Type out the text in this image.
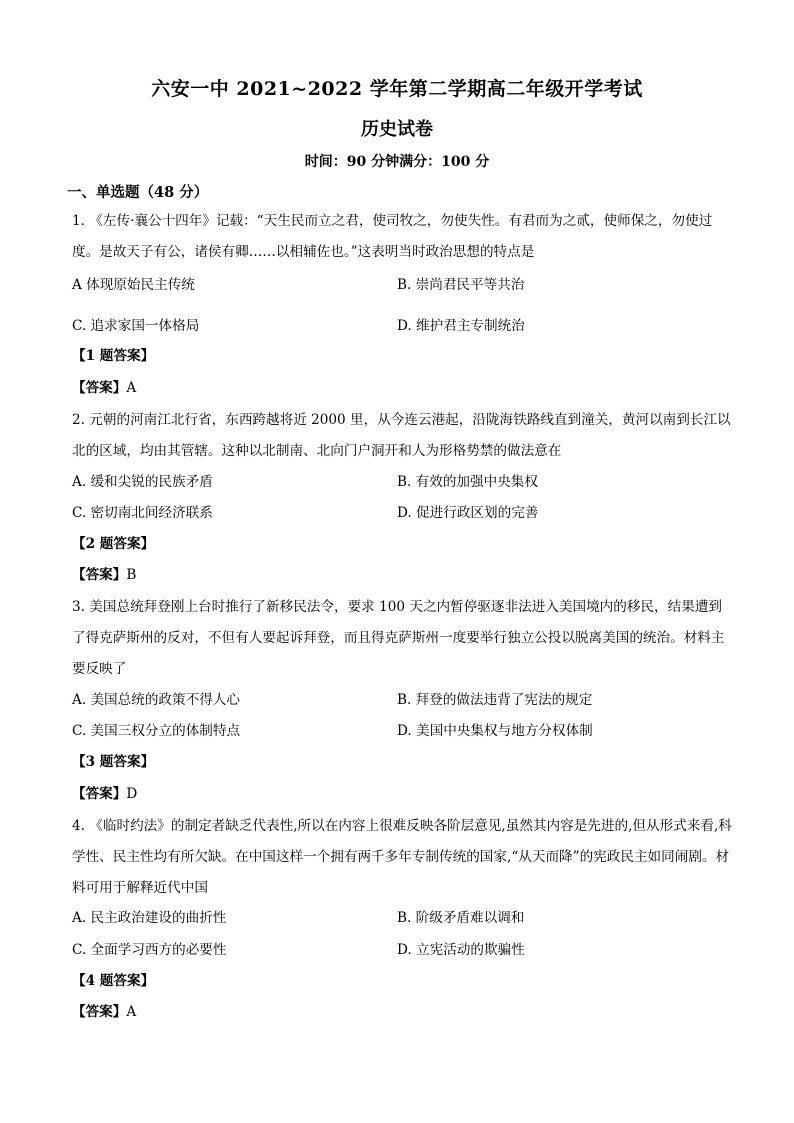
六安一中 2021~2022 学年第二学期高二年级开学考试
历史试卷
时间：90 分钟满分：100 分
一、单选题（48 分）
1. 《左传·襄公十四年》记载：“天生民而立之君，使司牧之，勿使失性。有君而为之贰，使师保之，勿使过度。是故天子有公，诸侯有卿……以相辅佐也。”这表明当时政治思想的特点是
A 体现原始民主传统	B. 崇尚君民平等共治
C. 追求家国一体格局	D. 维护君主专制统治
【1 题答案】
【答案】A
2. 元朝的河南江北行省，东西跨越将近 2000 里，从今连云港起，沿陇海铁路线直到潼关，黄河以南到长江以北的区域，均由其管辖。这种以北制南、北向门户洞开和人为形格势禁的做法意在
A. 缓和尖锐的民族矛盾	B. 有效的加强中央集权
C. 密切南北间经济联系	D. 促进行政区划的完善
【2 题答案】
【答案】B
3. 美国总统拜登刚上台时推行了新移民法令，要求 100 天之内暂停驱逐非法进入美国境内的移民，结果遭到了得克萨斯州的反对，不但有人要起诉拜登，而且得克萨斯州一度要举行独立公投以脱离美国的统治。材料主要反映了
A. 美国总统的政策不得人心	B. 拜登的做法违背了宪法的规定
C. 美国三权分立的体制特点	D. 美国中央集权与地方分权体制
【3 题答案】
【答案】D
4. 《临时约法》的制定者缺乏代表性,所以在内容上很难反映各阶层意见,虽然其内容是先进的,但从形式来看,科学性、民主性均有所欠缺。在中国这样一个拥有两千多年专制传统的国家,“从天而降”的宪政民主如同闹剧。材料可用于解释近代中国
A. 民主政治建设的曲折性	B. 阶级矛盾难以调和
C. 全面学习西方的必要性	D. 立宪活动的欺骗性
【4 题答案】
【答案】A
